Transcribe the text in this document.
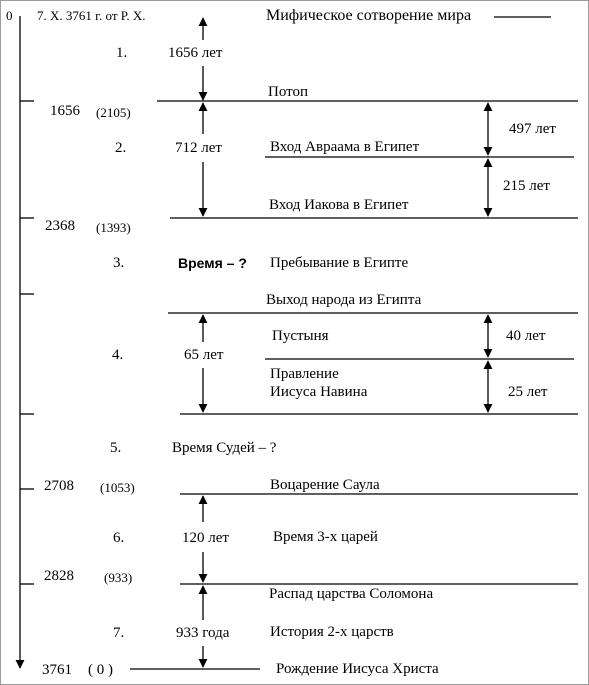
0 7. X. 3761 г. от Р. Х.
1656 (2105)
2368 (1393)
2708 (1053)
2828 (933)
3761 ( 0 )
1.	1656 лет
2.	712 лет
3.	Время – ?
4.	65 лет
5.	Время Судей – ?
6.	120 лет
7.	933 года
Мифическое сотворение мира
Потоп
Вход Авраама в Египет
Вход Иакова в Египет
Пребывание в Египте
Выход народа из Египта
Пустыня
Правление
Иисуса Навина
Воцарение Саула
Время 3-х царей
Распад царства Соломона
История 2-х царств
Рождение Иисуса Христа
497 лет
215 лет
40 лет
25 лет
